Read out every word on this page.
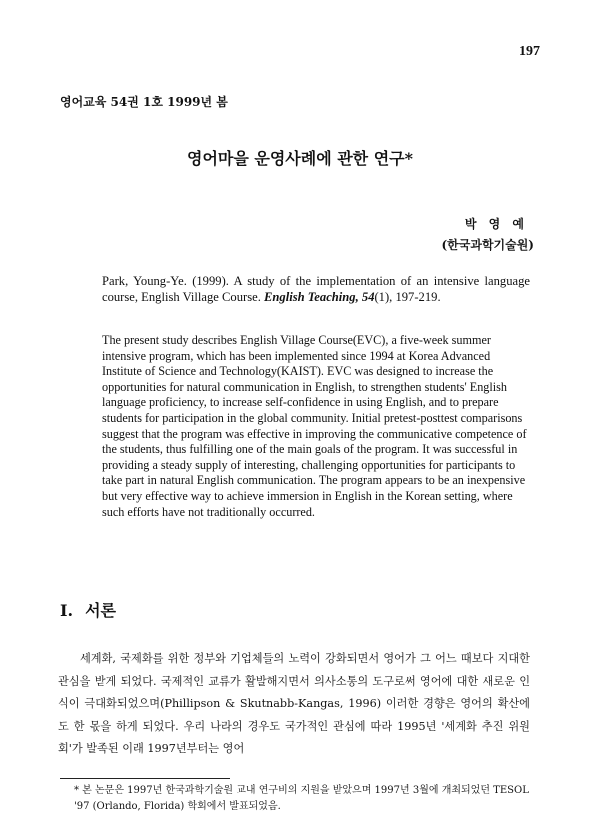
197
영어교육 54권 1호 1999년 봄
영어마을 운영사례에 관한 연구*
박 영 예
(한국과학기술원)
Park, Young-Ye. (1999). A study of the implementation of an intensive language course, English Village Course. English Teaching, 54(1), 197-219.
The present study describes English Village Course(EVC), a five-week summer intensive program, which has been implemented since 1994 at Korea Advanced Institute of Science and Technology(KAIST). EVC was designed to increase the opportunities for natural communication in English, to strengthen students' English language proficiency, to increase self-confidence in using English, and to prepare students for participation in the global community. Initial pretest-posttest comparisons suggest that the program was effective in improving the communicative competence of the students, thus fulfilling one of the main goals of the program. It was successful in providing a steady supply of interesting, challenging opportunities for participants to take part in natural English communication. The program appears to be an inexpensive but very effective way to achieve immersion in English in the Korean setting, where such efforts have not traditionally occurred.
I. 서론
세계화, 국제화를 위한 정부와 기업체들의 노력이 강화되면서 영어가 그 어느 때보다 지대한 관심을 받게 되었다. 국제적인 교류가 활발해지면서 의사소통의 도구로써 영어에 대한 새로운 인식이 극대화되었으며(Phillipson & Skutnabb-Kangas, 1996) 이러한 경향은 영어의 확산에도 한 몫을 하게 되었다. 우리 나라의 경우도 국가적인 관심에 따라 1995년 '세계화 추진 위원회'가 발족된 이래 1997년부터는 영어
* 본 논문은 1997년 한국과학기술원 교내 연구비의 지원을 받았으며 1997년 3월에 개최되었던 TESOL '97 (Orlando, Florida) 학회에서 발표되었음.
